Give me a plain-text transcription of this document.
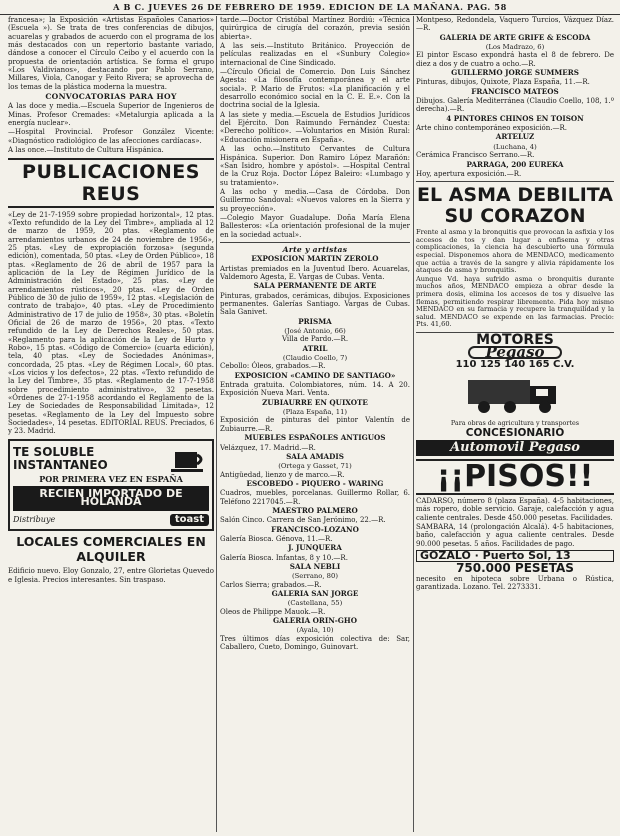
A B C. JUEVES 26 DE FEBRERO DE 1959. EDICION DE LA MAÑANA. PAG. 58

francesa»; la Exposición «Artistas Españoles Canarios» (Escuela »). Se trata de tres conferencias de dibujos, acuarelas y grabados de acuerdo con el programa de los más destacados con un repertorio bastante variado, dándose a conocer el Círculo Ceibo y el acuerdo con la propuesta de orientación artística. Se forma el grupo «Los Valdivianos», destacando por Pablo Serrano, Millares, Viola, Canogar y Feito Rivera; se aprovecha de los temas de la plástica moderna la muestra.

CONVOCATORIAS PARA HOY

A las doce y media.—Escuela Superior de Ingenieros de Minas. Profesor Cremades: «Metalurgia aplicada a la energía nuclear».

—Hospital Provincial. Profesor González Vicente: «Diagnóstico radiológico de las afecciones cardíacas».

A las once.—Instituto de Cultura Hispánica.

PUBLICACIONES REUS

«Ley de 21-7-1959 sobre propiedad horizontal», 12 ptas. «Texto refundido de la Ley del Timbre», ampliada al 12 de marzo de 1959, 20 ptas. «Reglamento de arrendamientos urbanos de 24 de noviembre de 1956», 25 ptas. «Ley de expropiación forzosa» (segunda edición), comentada, 50 ptas. «Ley de Orden Público», 18 ptas. «Reglamento de 26 de abril de 1957 para la aplicación de la Ley de Régimen Jurídico de la Administración del Estado», 25 ptas. «Ley de arrendamientos rústicos», 20 ptas. «Ley de Orden Público de 30 de julio de 1959», 12 ptas. «Legislación de contrato de trabajo», 40 ptas. «Ley de Procedimiento Administrativo de 17 de julio de 1958», 30 ptas. «Boletín Oficial de 26 de marzo de 1956», 20 ptas. «Texto refundido de la Ley de Derechos Reales», 50 ptas. «Reglamento para la aplicación de la Ley de Hurto y Robo», 15 ptas. «Código de Comercio» (cuarta edición), tela, 40 ptas. «Ley de Sociedades Anónimas», concordada, 25 ptas. «Ley de Régimen Local», 60 ptas. «Los vicios y los defectos», 22 ptas. «Texto refundido de la Ley del Timbre», 35 ptas. «Reglamento de 17-7-1958 sobre procedimiento administrativo», 32 pesetas. «Órdenes de 27-1-1958 acordando el Reglamento de la Ley de Sociedades de Responsabilidad Limitada», 12 pesetas. «Reglamento de la Ley del Impuesto sobre Sociedades», 14 pesetas. EDITORIAL REUS. Preciados, 6 y 23. Madrid.

TE SOLUBLE
INSTANTANEO
POR PRIMERA VEZ EN ESPAÑA
RECIEN IMPORTADO DE HOLANDA
Distribuye	toast
LOCALES COMERCIALES EN ALQUILER

Edificio nuevo. Eloy Gonzalo, 27, entre Glorietas Quevedo e Iglesia. Precios interesantes. Sin traspaso.

tarde.—Doctor Cristóbal Martínez Bordiú: «Técnica quirúrgica de cirugía del corazón, previa sesión abierta».

A las seis.—Instituto Británico. Proyección de películas realizadas en el «Sunbury Colegio» internacional de Cine Sindicado.

—Círculo Oficial de Comercio. Don Luis Sánchez Agesta: «La filosofía contemporánea y el arte social». P. Mario de Frutos: «La planificación y el desarrollo económico social en la C. E. E.». Con la doctrina social de la Iglesia.

A las siete y media.—Escuela de Estudios Jurídicos del Ejército. Don Raimundo Fernández Cuesta: «Derecho político». —Voluntarios en Misión Rural: «Educación misionera en España».

A las ocho.—Instituto Cervantes de Cultura Hispánica. Superior. Don Ramiro López Marañón: «San Isidro, hombre y apóstol». —Hospital Central de la Cruz Roja. Doctor López Baleiro: «Lumbago y su tratamiento».

A las ocho y media.—Casa de Córdoba. Don Guillermo Sandoval: «Nuevos valores en la Sierra y su proyección».

—Colegio Mayor Guadalupe. Doña María Elena Ballesteros: «La orientación profesional de la mujer en la sociedad actual».

Arte y artistas
EXPOSICION MARTIN ZEROLO

Artistas premiados en la Juventud Ibero. Acuarelas, Valdemoro Agesta, E. Vargas de Cubas. Venta.

SALA PERMANENTE DE ARTE

Pinturas, grabados, cerámicas, dibujos. Exposiciones permanentes. Galerías Santiago. Vargas de Cubas. Sala Ganivet.

PRISMA
(José Antonio, 66)

Villa de Pardo.—R.

ATRIL
(Claudio Coello, 7)

Cebollo: Óleos, grabados.—R.

EXPOSICION «CAMINO DE SANTIAGO»

Entrada gratuita. Colombiatores, núm. 14. A 20. Exposición Nueva Mari. Venta.

ZUBIAURRE EN QUIXOTE
(Plaza España, 11)

Exposición de pinturas del pintor Valentín de Zubiaurre.—R.

MUEBLES ESPAÑOLES ANTIGUOS

Velázquez, 17. Madrid.—R.

SALA AMADIS
(Ortega y Gasset, 71)

Antigüedad, lienzo y de marco.—R.

ESCOBEDO - PIQUERO - WARING

Cuadros, muebles, porcelanas. Guillermo Rollar, 6. Teléfono 2217045.—R.

MAESTRO PALMERO

Salón Cinco. Carrera de San Jerónimo, 22.—R.

FRANCISCO-LOZANO

Galería Biosca. Génova, 11.—R.

J. JUNQUERA

Galería Biosca. Infantas, 8 y 10.—R.

SALA NEBLI
(Serrano, 80)

Carlos Sierra; grabados.—R.

GALERIA SAN JORGE
(Castellana, 55)

Oleos de Philippe Mauok.—R.

GALERIA ORIN-GHO
(Ayala, 10)

Tres últimos días exposición colectiva de: Sar, Caballero, Cueto, Domingo, Guinovart.

Montpeso, Redondela, Vaquero Turcios, Vázquez Díaz.—R.

GALERIA DE ARTE GRIFE & ESCODA
(Los Madrazo, 6)

El pintor Escaso expondrá hasta el 8 de febrero. De diez a dos y de cuatro a ocho.—R.

GUILLERMO JORGE SUMMERS

Pinturas, dibujos, Quixote, Plaza España, 11.—R.

FRANCISCO MATEOS

Dibujos. Galería Mediterránea (Claudio Coello, 108, 1.º derecha).—R.

4 PINTORES CHINOS EN TOISON

Arte chino contemporáneo exposición.—R.

ARTELUZ
(Luchana, 4)

Cerámica Francisco Serrano.—R.

PARRAGA, 200 EUREKA

Hoy, apertura exposición.—R.

EL ASMA DEBILITA SU CORAZON

Frente al asma y la bronquitis que provocan la asfixia y los accesos de tos y dan lugar a enfisema y otras complicaciones, la ciencia ha descubierto una fórmula especial. Disponemos ahora de MENDACO, medicamento que actúa a través de la sangre y alivia rápidamente los ataques de asma y bronquitis.

Aunque Vd. haya sufrido asma o bronquitis durante muchos años, MENDACO empieza a obrar desde la primera dosis, elimina los accesos de tos y disuelve las flemas, permitiendo respirar libremente. Pida hoy mismo MENDACO en su farmacia y recupere la tranquilidad y la salud. MENDACO se expende en las farmacias. Precio: Pts. 41,60.

MOTORES
Pegaso
110 125 140 165 C.V.
Para obras de agricultura y transportes
CONCESIONARIO
Automovil Pegaso
¡¡PISOS!!

CADARSO, número 8 (plaza España). 4-5 habitaciones, más ropero, doble servicio. Garaje, calefacción y agua caliente centrales. Desde 450.000 pesetas. Facilidades.

SAMBARA, 14 (prolongación Alcalá). 4-5 habitaciones, baño, calefacción y agua caliente centrales. Desde 90.000 pesetas. 5 años. Facilidades de pago.

GOZALO · Puerto Sol, 13
750.000 PESETAS

necesito en hipoteca sobre Urbana o Rústica, garantizada. Lozano. Tel. 2273331.
